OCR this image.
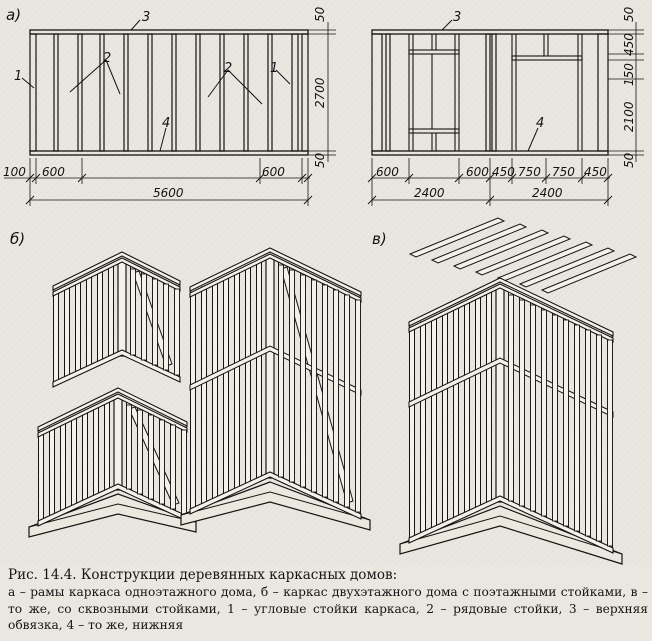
а)	3
2
2
1
1
4
50
2700
50
100 600	600
5600
3
4
50
450
150
2100
50
600	600 450 750 750 450
2400	2400
б)	в)
Рис. 14.4. Конструкции деревянных каркасных домов:
а – рамы каркаса одноэтажного дома, б – каркас двухэтажного дома с поэтажными стойками, в – то же, со сквозными стойками, 1 – угловые стойки каркаса, 2 – рядовые стойки, 3 – верхняя обвязка, 4 – то же, нижняя
